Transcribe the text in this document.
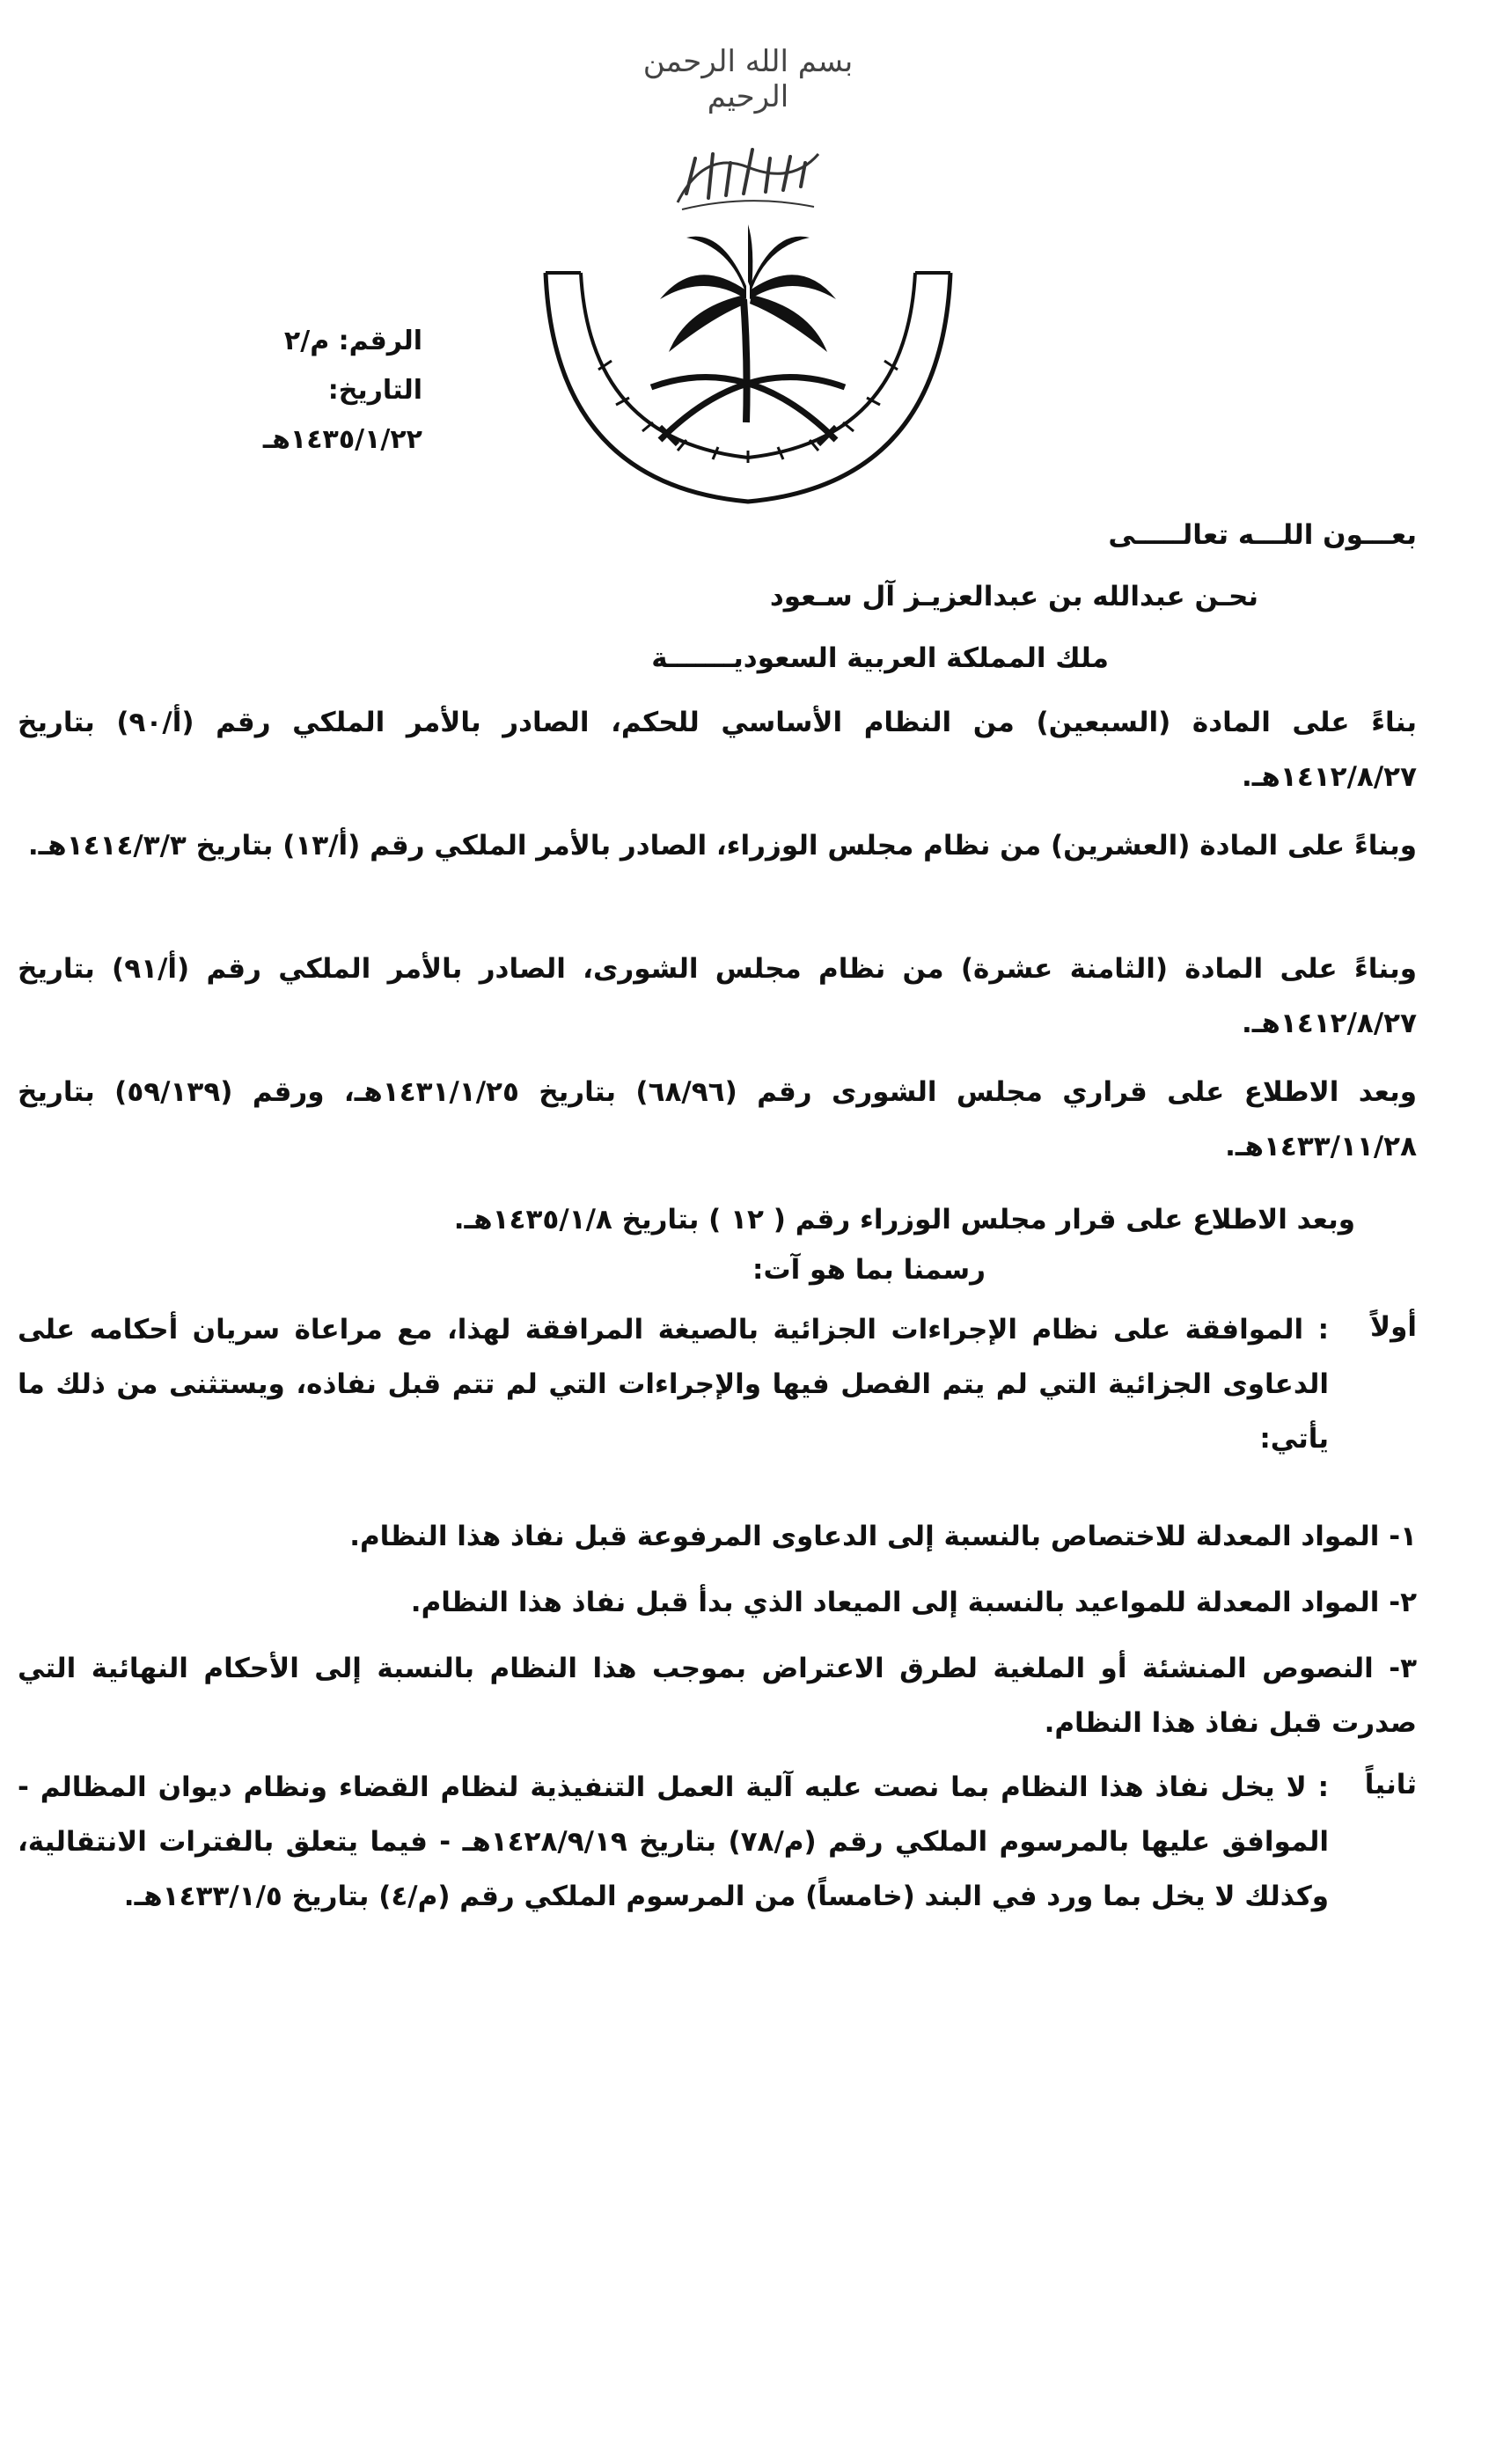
بسم الله الرحمن الرحيم
الرقم: م/٢
التاريخ: ١٤٣٥/١/٢٢هـ
بعـــون اللـــه تعالـــــى
نحـن عبدالله بن عبدالعزيـز آل سـعود
ملك المملكة العربية السعوديـــــــة
بناءً على المادة (السبعين) من النظام الأساسي للحكم، الصادر بالأمر الملكي رقم (أ/٩٠) بتاريخ ١٤١٢/٨/٢٧هـ.
وبناءً على المادة (العشرين) من نظام مجلس الوزراء، الصادر بالأمر الملكي رقم (أ/١٣) بتاريخ ١٤١٤/٣/٣هـ.
وبناءً على المادة (الثامنة عشرة) من نظام مجلس الشورى، الصادر بالأمر الملكي رقم (أ/٩١) بتاريخ ١٤١٢/٨/٢٧هـ.
وبعد الاطلاع على قراري مجلس الشورى رقم (٦٨/٩٦) بتاريخ ١٤٣١/١/٢٥هـ، ورقم (٥٩/١٣٩) بتاريخ ١٤٣٣/١١/٢٨هـ.
وبعد الاطلاع على قرار مجلس الوزراء رقم ( ١٢ ) بتاريخ ١٤٣٥/١/٨هـ.
رسمنا بما هو آت:
أولاً
: الموافقة على نظام الإجراءات الجزائية بالصيغة المرافقة لهذا، مع مراعاة سريان أحكامه على الدعاوى الجزائية التي لم يتم الفصل فيها والإجراءات التي لم تتم قبل نفاذه، ويستثنى من ذلك ما يأتي:
١- المواد المعدلة للاختصاص بالنسبة إلى الدعاوى المرفوعة قبل نفاذ هذا النظام.
٢- المواد المعدلة للمواعيد بالنسبة إلى الميعاد الذي بدأ قبل نفاذ هذا النظام.
٣- النصوص المنشئة أو الملغية لطرق الاعتراض بموجب هذا النظام بالنسبة إلى الأحكام النهائية التي صدرت قبل نفاذ هذا النظام.
ثانياً
: لا يخل نفاذ هذا النظام بما نصت عليه آلية العمل التنفيذية لنظام القضاء ونظام ديوان المظالم - الموافق عليها بالمرسوم الملكي رقم (م/٧٨) بتاريخ ١٤٢٨/٩/١٩هـ - فيما يتعلق بالفترات الانتقالية، وكذلك لا يخل بما ورد في البند (خامساً) من المرسوم الملكي رقم (م/٤) بتاريخ ١٤٣٣/١/٥هـ.
